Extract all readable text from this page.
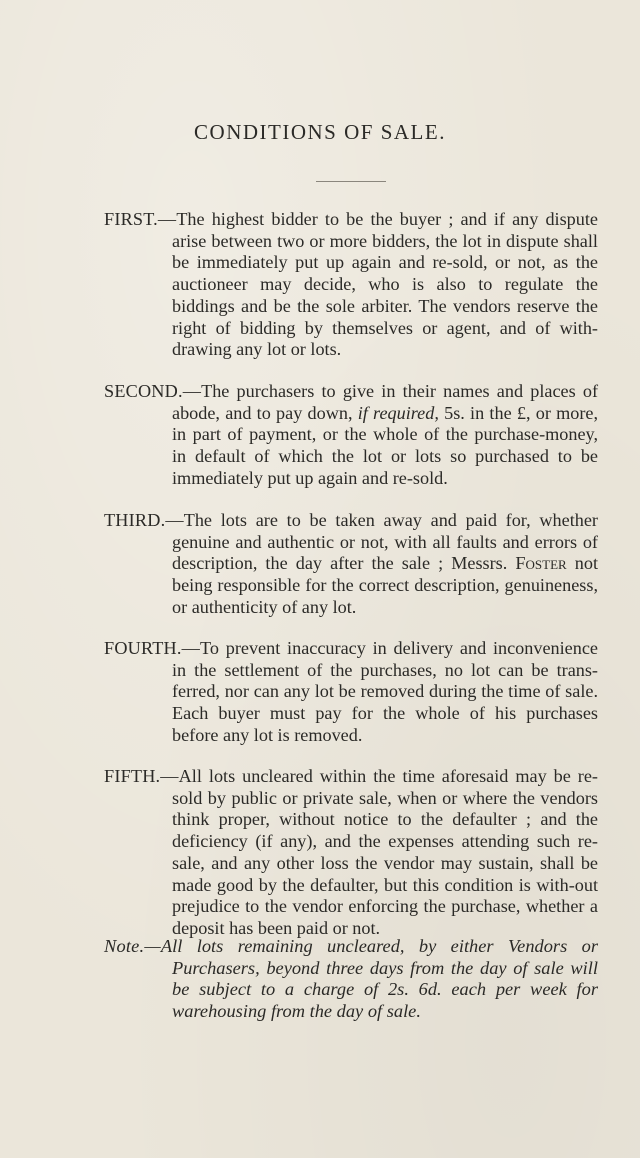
CONDITIONS OF SALE.

FIRST.—The highest bidder to be the buyer ; and if any dispute arise between two or more bidders, the lot in dispute shall be immediately put up again and re-sold, or not, as the auctioneer may decide, who is also to regulate the biddings and be the sole arbiter. The vendors reserve the right of bidding by themselves or agent, and of with-drawing any lot or lots.

SECOND.—The purchasers to give in their names and places of abode, and to pay down, if required, 5s. in the £, or more, in part of payment, or the whole of the purchase-money, in default of which the lot or lots so purchased to be immediately put up again and re-sold.

THIRD.—The lots are to be taken away and paid for, whether genuine and authentic or not, with all faults and errors of description, the day after the sale ; Messrs. Foster not being responsible for the correct description, genuineness, or authenticity of any lot.

FOURTH.—To prevent inaccuracy in delivery and inconvenience in the settlement of the purchases, no lot can be trans-ferred, nor can any lot be removed during the time of sale. Each buyer must pay for the whole of his purchases before any lot is removed.

FIFTH.—All lots uncleared within the time aforesaid may be re-sold by public or private sale, when or where the vendors think proper, without notice to the defaulter ; and the deficiency (if any), and the expenses attending such re-sale, and any other loss the vendor may sustain, shall be made good by the defaulter, but this condition is with-out prejudice to the vendor enforcing the purchase, whether a deposit has been paid or not.

Note.—All lots remaining uncleared, by either Vendors or Purchasers, beyond three days from the day of sale will be subject to a charge of 2s. 6d. each per week for warehousing from the day of sale.
